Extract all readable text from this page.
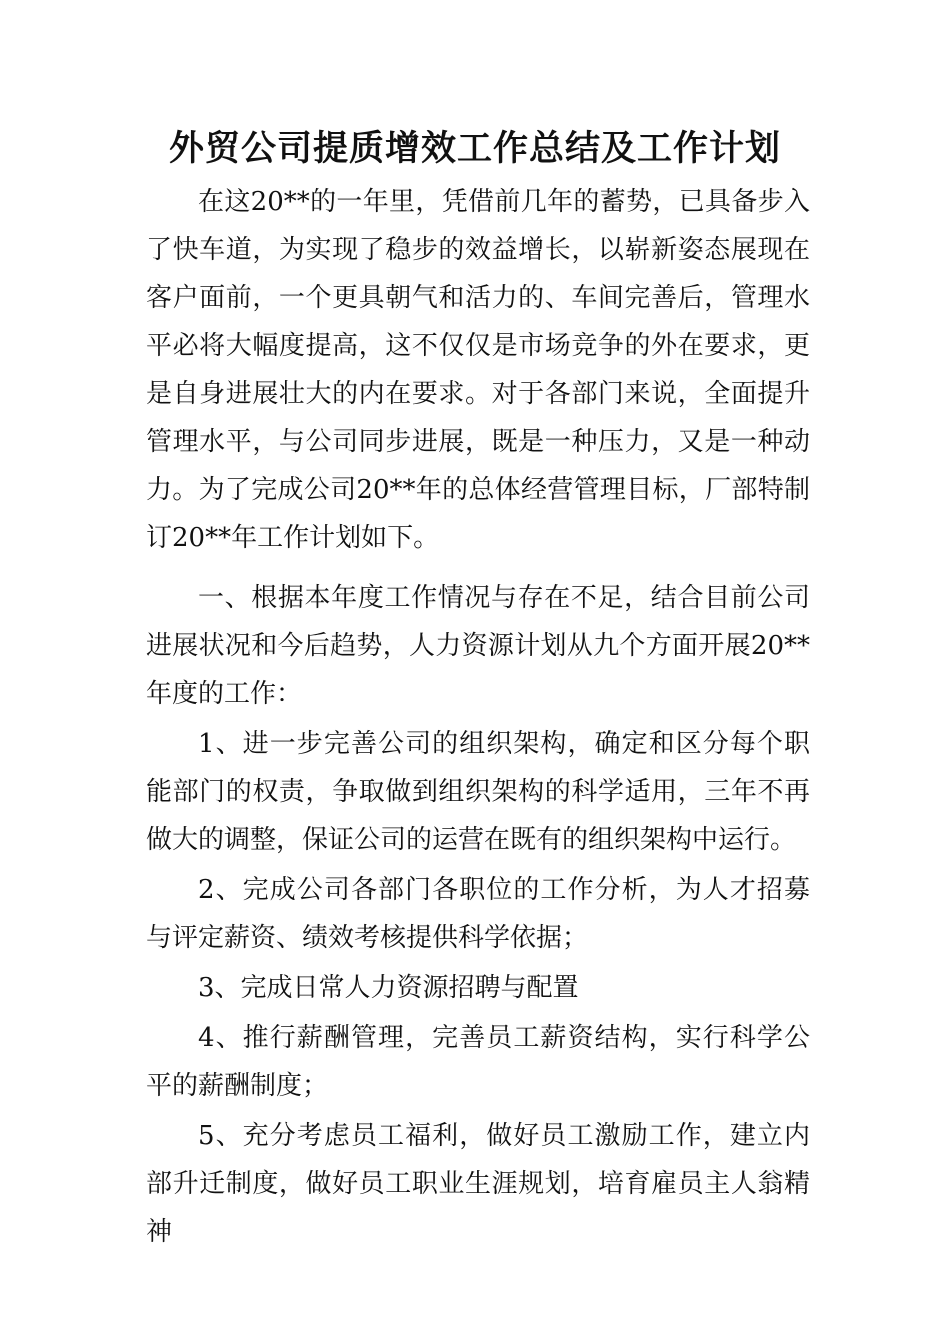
外贸公司提质增效工作总结及工作计划

在这20**的一年里，凭借前几年的蓄势，已具备步入了快车道，为实现了稳步的效益增长，以崭新姿态展现在客户面前，一个更具朝气和活力的、车间完善后，管理水平必将大幅度提高，这不仅仅是市场竞争的外在要求，更是自身进展壮大的内在要求。对于各部门来说，全面提升管理水平，与公司同步进展，既是一种压力，又是一种动力。为了完成公司20**年的总体经营管理目标，厂部特制订20**年工作计划如下。

一、根据本年度工作情况与存在不足，结合目前公司进展状况和今后趋势，人力资源计划从九个方面开展20**年度的工作：

1、进一步完善公司的组织架构，确定和区分每个职能部门的权责，争取做到组织架构的科学适用，三年不再做大的调整，保证公司的运营在既有的组织架构中运行。

2、完成公司各部门各职位的工作分析，为人才招募与评定薪资、绩效考核提供科学依据；

3、完成日常人力资源招聘与配置

4、推行薪酬管理，完善员工薪资结构，实行科学公平的薪酬制度；

5、充分考虑员工福利，做好员工激励工作，建立内部升迁制度，做好员工职业生涯规划，培育雇员主人翁精神
